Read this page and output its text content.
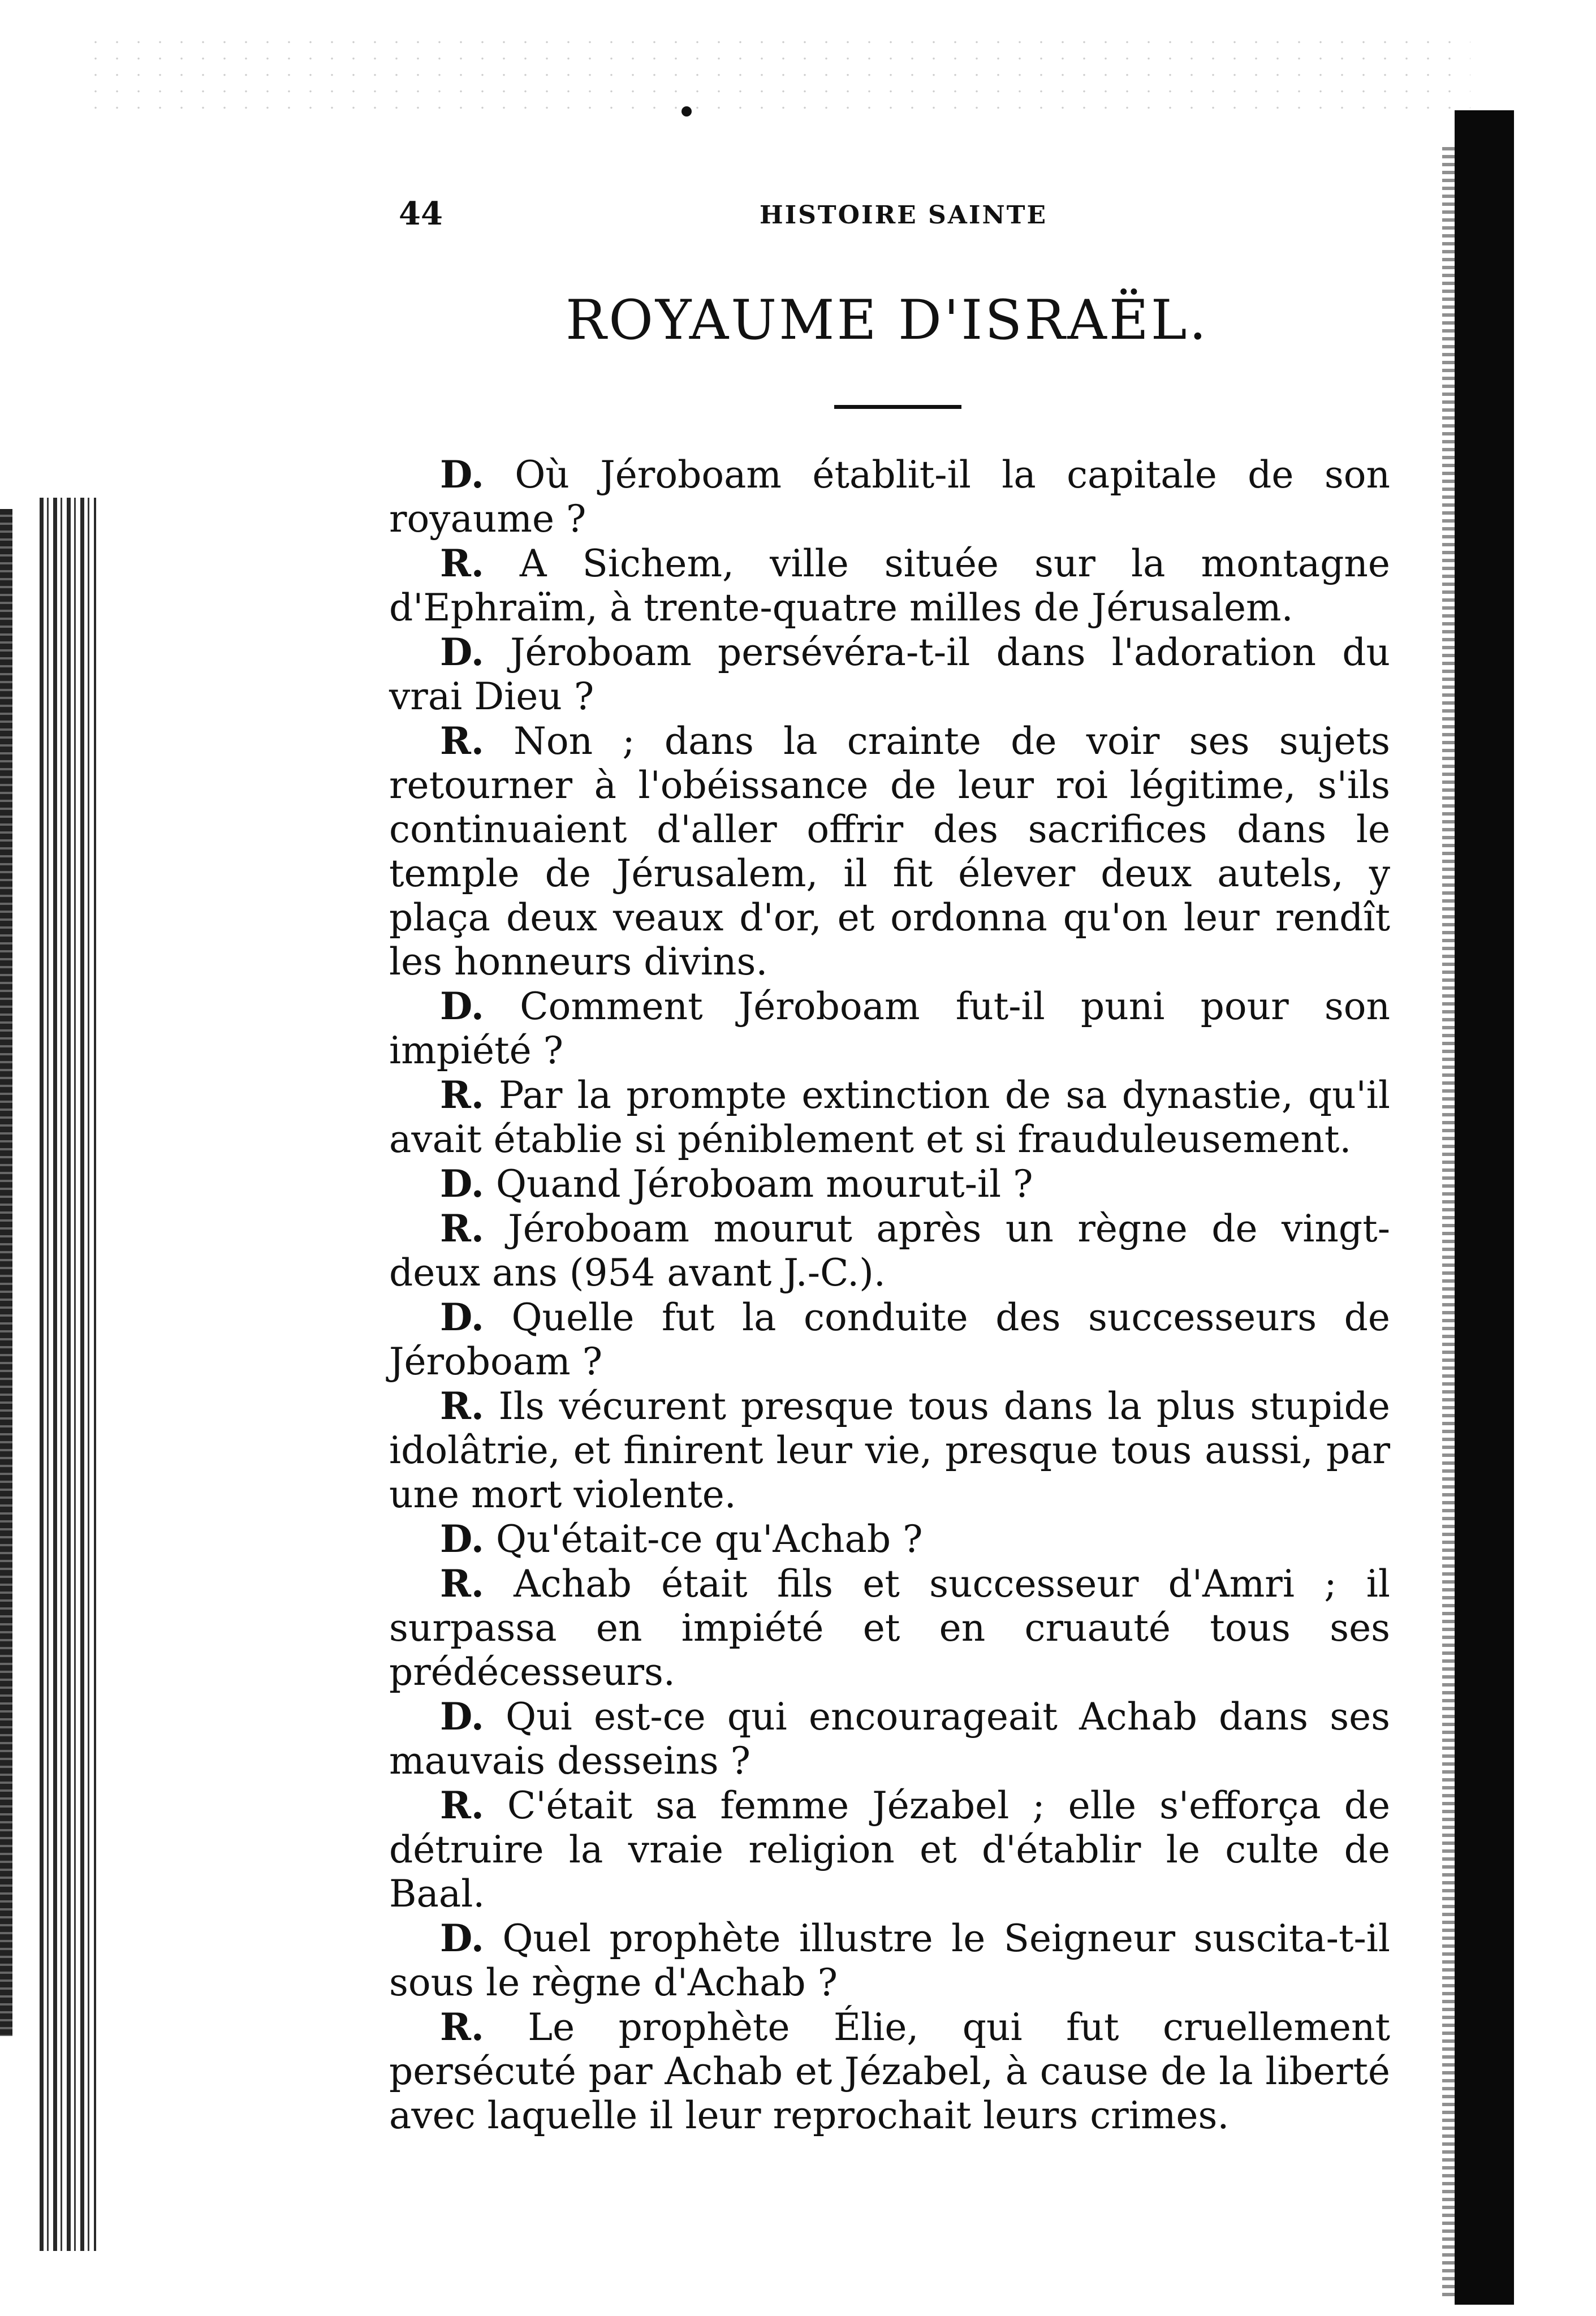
44	HISTOIRE SAINTE
ROYAUME D'ISRAËL.

D. Où Jéroboam établit-il la capitale de son royaume ?

R. A Sichem, ville située sur la montagne d'Ephraïm, à trente-quatre milles de Jérusalem.

D. Jéroboam persévéra-t-il dans l'adoration du vrai Dieu ?

R. Non ; dans la crainte de voir ses sujets retourner à l'obéissance de leur roi légitime, s'ils continuaient d'aller offrir des sacrifices dans le temple de Jérusalem, il fit élever deux autels, y plaça deux veaux d'or, et ordonna qu'on leur rendît les honneurs divins.

D. Comment Jéroboam fut-il puni pour son impiété ?

R. Par la prompte extinction de sa dynastie, qu'il avait établie si péniblement et si frauduleusement.

D. Quand Jéroboam mourut-il ?

R. Jéroboam mourut après un règne de vingt-deux ans (954 avant J.-C.).

D. Quelle fut la conduite des successeurs de Jéroboam ?

R. Ils vécurent presque tous dans la plus stupide idolâtrie, et finirent leur vie, presque tous aussi, par une mort violente.

D. Qu'était-ce qu'Achab ?

R. Achab était fils et successeur d'Amri ; il surpassa en impiété et en cruauté tous ses prédécesseurs.

D. Qui est-ce qui encourageait Achab dans ses mauvais desseins ?

R. C'était sa femme Jézabel ; elle s'efforça de détruire la vraie religion et d'établir le culte de Baal.

D. Quel prophète illustre le Seigneur suscita-t-il sous le règne d'Achab ?

R. Le prophète Élie, qui fut cruellement persécuté par Achab et Jézabel, à cause de la liberté avec laquelle il leur reprochait leurs crimes.
